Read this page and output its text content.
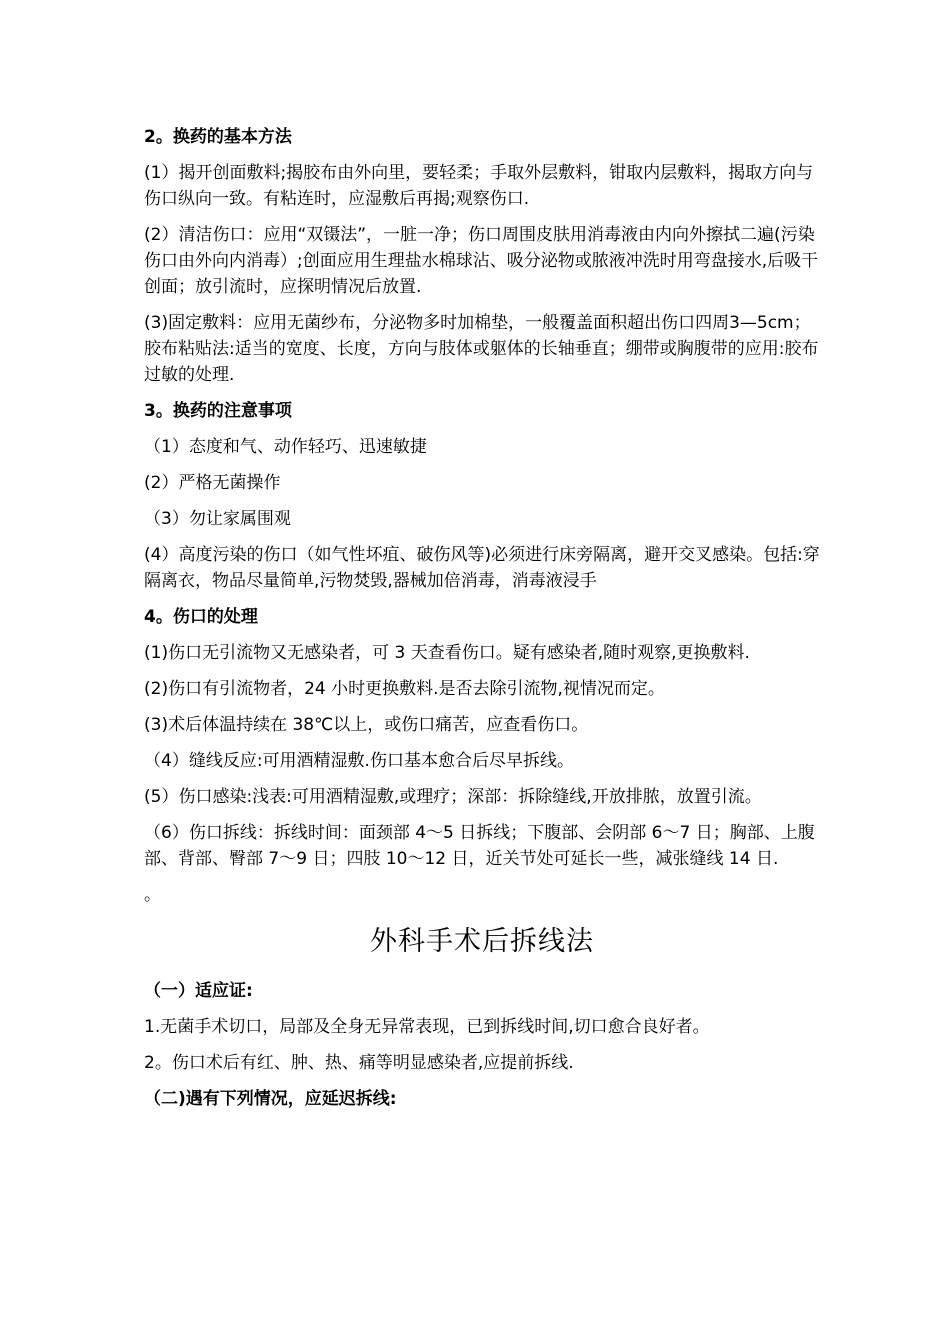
2。换药的基本方法
(1）揭开创面敷料;揭胶布由外向里，要轻柔；手取外层敷料，钳取内层敷料，揭取方向与伤口纵向一致。有粘连时，应湿敷后再揭;观察伤口.
(2）清洁伤口：应用“双镊法”，一脏一净；伤口周围皮肤用消毒液由内向外擦拭二遍(污染伤口由外向内消毒）;创面应用生理盐水棉球沾、吸分泌物或脓液冲洗时用弯盘接水,后吸干创面；放引流时，应探明情况后放置.
(3)固定敷料：应用无菌纱布，分泌物多时加棉垫，一般覆盖面积超出伤口四周3—5cm；胶布粘贴法:适当的宽度、长度，方向与肢体或躯体的长轴垂直；绷带或胸腹带的应用:胶布过敏的处理.
3。换药的注意事项
（1）态度和气、动作轻巧、迅速敏捷
(2）严格无菌操作
（3）勿让家属围观
(4）高度污染的伤口（如气性坏疽、破伤风等)必须进行床旁隔离，避开交叉感染。包括:穿隔离衣，物品尽量简单,污物焚毁,器械加倍消毒，消毒液浸手
4。伤口的处理
(1)伤口无引流物又无感染者，可 3 天查看伤口。疑有感染者,随时观察,更换敷料.
(2)伤口有引流物者，24 小时更换敷料.是否去除引流物,视情况而定。
(3)术后体温持续在 38℃以上，或伤口痛苦，应查看伤口。
（4）缝线反应:可用酒精湿敷.伤口基本愈合后尽早拆线。
(5）伤口感染:浅表:可用酒精湿敷,或理疗；深部：拆除缝线,开放排脓，放置引流。
（6）伤口拆线：拆线时间：面颈部 4～5 日拆线；下腹部、会阴部 6～7 日；胸部、上腹部、背部、臀部 7～9 日；四肢 10～12 日，近关节处可延长一些，减张缝线 14 日.
。
外科手术后拆线法
（一）适应证:
1.无菌手术切口，局部及全身无异常表现，已到拆线时间,切口愈合良好者。
2。伤口术后有红、肿、热、痛等明显感染者,应提前拆线.
（二)遇有下列情况，应延迟拆线:
